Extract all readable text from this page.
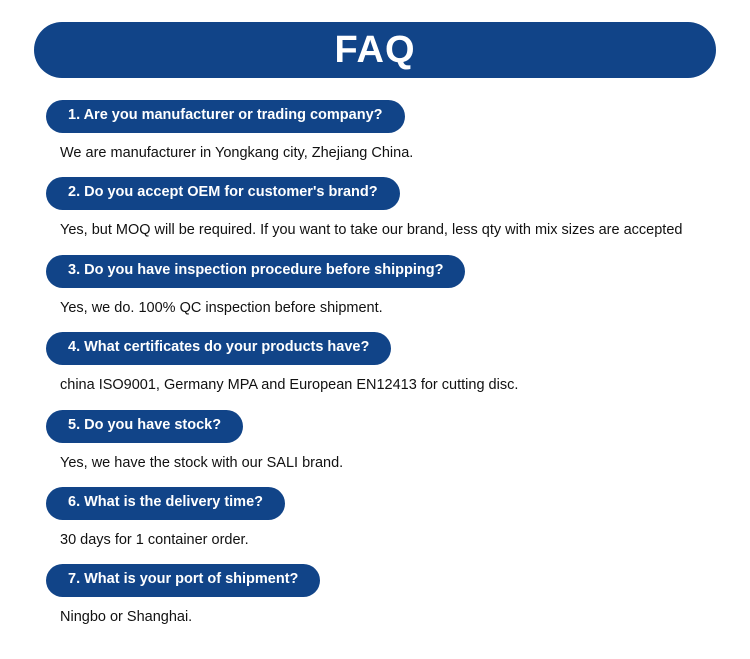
FAQ
1. Are you manufacturer or trading company?
We are manufacturer in Yongkang city, Zhejiang China.
2. Do you accept OEM for customer's brand?
Yes, but MOQ will be required. If you want to take our brand, less qty with mix sizes are accepted
3. Do you have inspection procedure before shipping?
Yes, we do. 100% QC inspection before shipment.
4. What certificates do your products have?
china ISO9001, Germany MPA and European EN12413 for cutting disc.
5. Do you have stock?
Yes, we have the stock with our SALI brand.
6. What is the delivery time?
30 days for 1 container order.
7. What is your port of shipment?
Ningbo or Shanghai.
